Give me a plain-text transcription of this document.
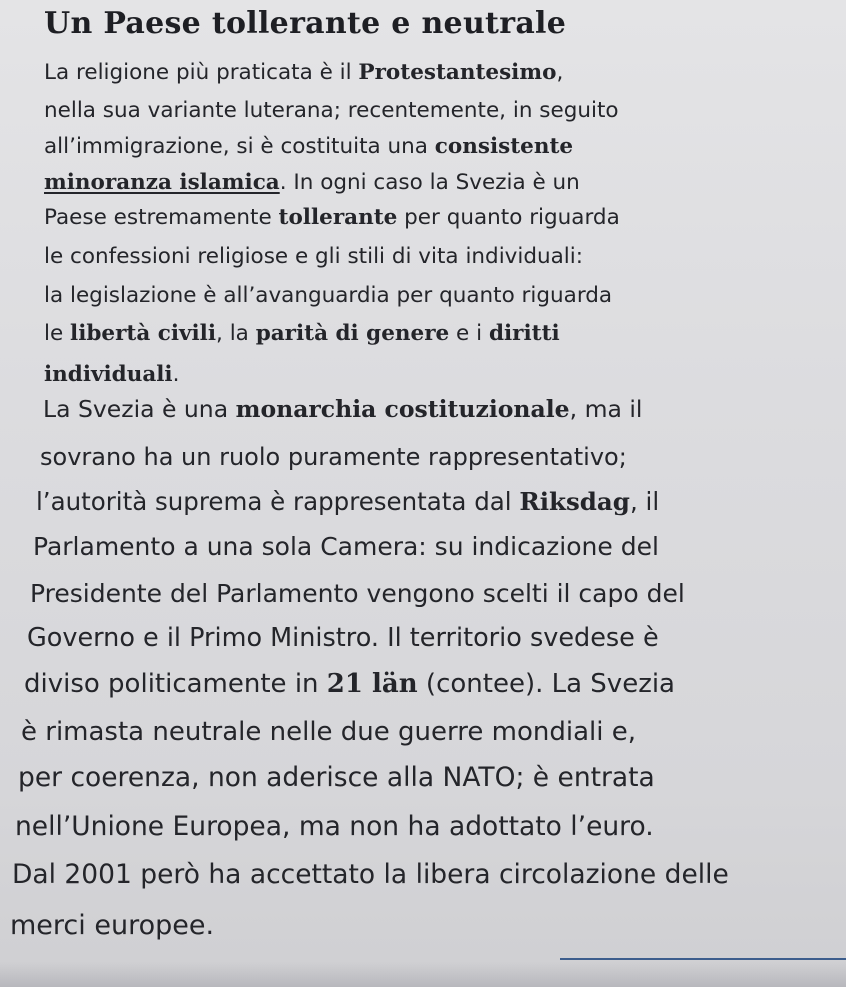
Un Paese tollerante e neutrale

La religione più praticata è il Protestantesimo,

nella sua variante luterana; recentemente, in seguito

all’immigrazione, si è costituita una consistente

minoranza islamica. In ogni caso la Svezia è un

Paese estremamente tollerante per quanto riguarda

le confessioni religiose e gli stili di vita individuali:

la legislazione è all’avanguardia per quanto riguarda

le libertà civili, la parità di genere e i diritti

individuali.

La Svezia è una monarchia costituzionale, ma il

sovrano ha un ruolo puramente rappresentativo;

l’autorità suprema è rappresentata dal Riksdag, il

Parlamento a una sola Camera: su indicazione del

Presidente del Parlamento vengono scelti il capo del

Governo e il Primo Ministro. Il territorio svedese è

diviso politicamente in 21 län (contee). La Svezia

è rimasta neutrale nelle due guerre mondiali e,

per coerenza, non aderisce alla NATO; è entrata

nell’Unione Europea, ma non ha adottato l’euro.

Dal 2001 però ha accettato la libera circolazione delle

merci europee.
